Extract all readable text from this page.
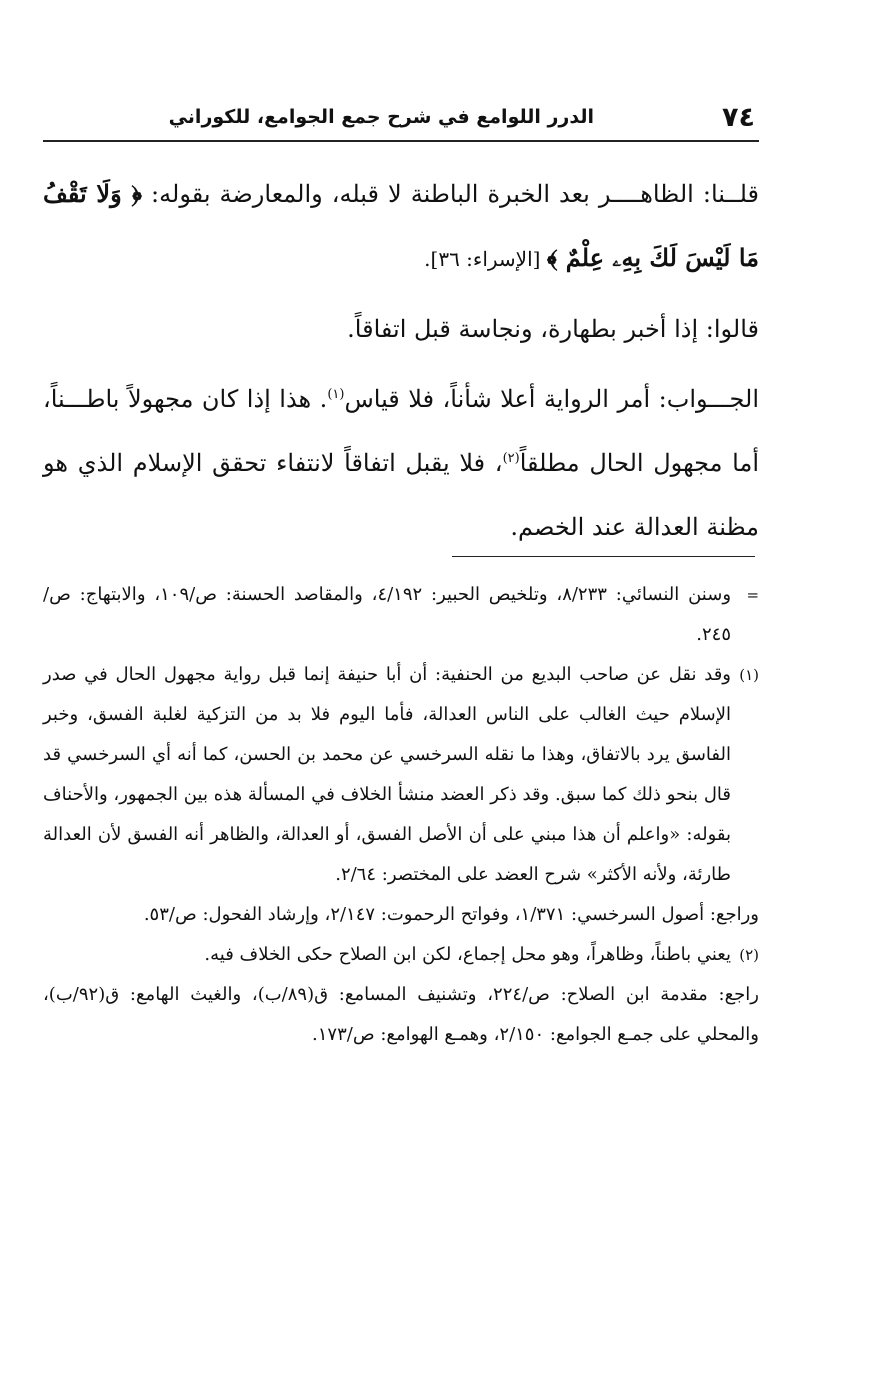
٧٤
الدرر اللوامع في شرح جمع الجوامع، للكوراني

قلــنا: الظاهــــر بعد الخبرة الباطنة لا قبله، والمعارضة بقوله: ﴿ وَلَا تَقْفُ مَا لَيْسَ لَكَ بِهِۦ عِلْمٌ ﴾ [الإسراء: ٣٦].

قالوا: إذا أخبر بطهارة، ونجاسة قبل اتفاقاً.

الجـــواب: أمر الرواية أعلا شأناً، فلا قياس$^{(١)}$. هذا إذا كان مجهولاً باطـــناً، أما مجهول الحال مطلقاً$^{(٢)}$، فلا يقبل اتفاقاً لانتفاء تحقق الإسلام الذي هو مظنة العدالة عند الخصم.

=وسنن النسائي: ٨/٢٣٣، وتلخيص الحبير: ٤/١٩٢، والمقاصد الحسنة: ص/١٠٩، والابتهاج: ص/٢٤٥.

(١)وقد نقل عن صاحب البديع من الحنفية: أن أبا حنيفة إنما قبل رواية مجهول الحال في صدر الإسلام حيث الغالب على الناس العدالة، فأما اليوم فلا بد من التزكية لغلبة الفسق، وخبر الفاسق يرد بالاتفاق، وهذا ما نقله السرخسي عن محمد بن الحسن، كما أنه أي السرخسي قد قال بنحو ذلك كما سبق. وقد ذكر العضد منشأ الخلاف في المسألة هذه بين الجمهور، والأحناف بقوله: «واعلم أن هذا مبني على أن الأصل الفسق، أو العدالة، والظاهر أنه الفسق لأن العدالة طارئة، ولأنه الأكثر» شرح العضد على المختصر: ٢/٦٤.

وراجع: أصول السرخسي: ١/٣٧١، وفواتح الرحموت: ٢/١٤٧، وإرشاد الفحول: ص/٥٣.

(٢)يعني باطناً، وظاهراً، وهو محل إجماع، لكن ابن الصلاح حكى الخلاف فيه.

راجع: مقدمة ابن الصلاح: ص/٢٢٤، وتشنيف المسامع: ق(٨٩/ب)، والغيث الهامع: ق(٩٢/ب)، والمحلي على جمـع الجوامع: ٢/١٥٠، وهمـع الهوامع: ص/١٧٣.
